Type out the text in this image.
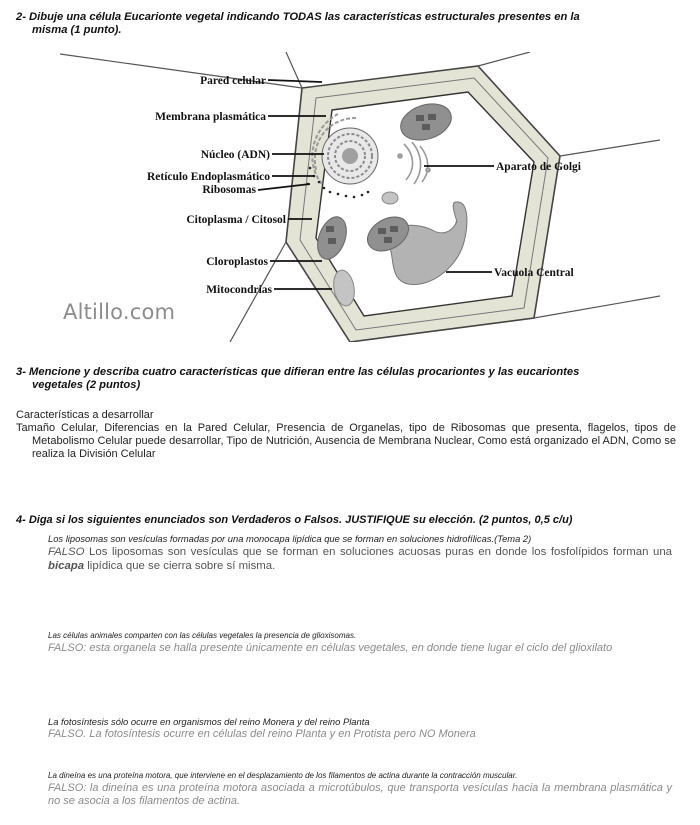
2- Dibuje una célula Eucarionte vegetal indicando TODAS las características estructurales presentes en la
misma (1 punto).
Pared celular
Membrana plasmática
Núcleo (ADN)
Retículo Endoplasmático
Ribosomas
Citoplasma / Citosol
Cloroplastos
Mitocondrias
Aparato de Golgi
Vacuola Central
Altillo.com
3- Mencione y describa cuatro características que difieran entre las células procariontes y las eucariontes
vegetales (2 puntos)
Características a desarrollar
Tamaño Celular, Diferencias en la Pared Celular, Presencia de Organelas, tipo de Ribosomas que presenta, flagelos, tipos de Metabolismo Celular puede desarrollar, Tipo de Nutrición, Ausencia de Membrana Nuclear, Como está organizado el ADN, Como se realiza la División Celular
4- Diga si los siguientes enunciados son Verdaderos o Falsos. JUSTIFIQUE su elección. (2 puntos, 0,5 c/u)
Los liposomas son vesículas formadas por una monocapa lipídica que se forman en soluciones hidrofílicas.(Tema 2)
FALSO Los liposomas son vesículas que se forman en soluciones acuosas puras en donde los fosfolípidos forman una bicapa lipídica que se cierra sobre sí misma.
Las células animales comparten con las células vegetales la presencia de glioxisomas.
FALSO: esta organela se halla presente únicamente en células vegetales, en donde tiene lugar el ciclo del glioxilato
La fotosíntesis sólo ocurre en organismos del reino Monera y del reino Planta
FALSO. La fotosíntesis ocurre en células del reino Planta y en Protista pero NO Monera
La dineína es una proteína motora, que interviene en el desplazamiento de los filamentos de actina durante la contracción muscular.
FALSO: la dineína es una proteína motora asociada a microtúbulos, que transporta vesículas hacia la membrana plasmática y no se asocia a los filamentos de actina.
